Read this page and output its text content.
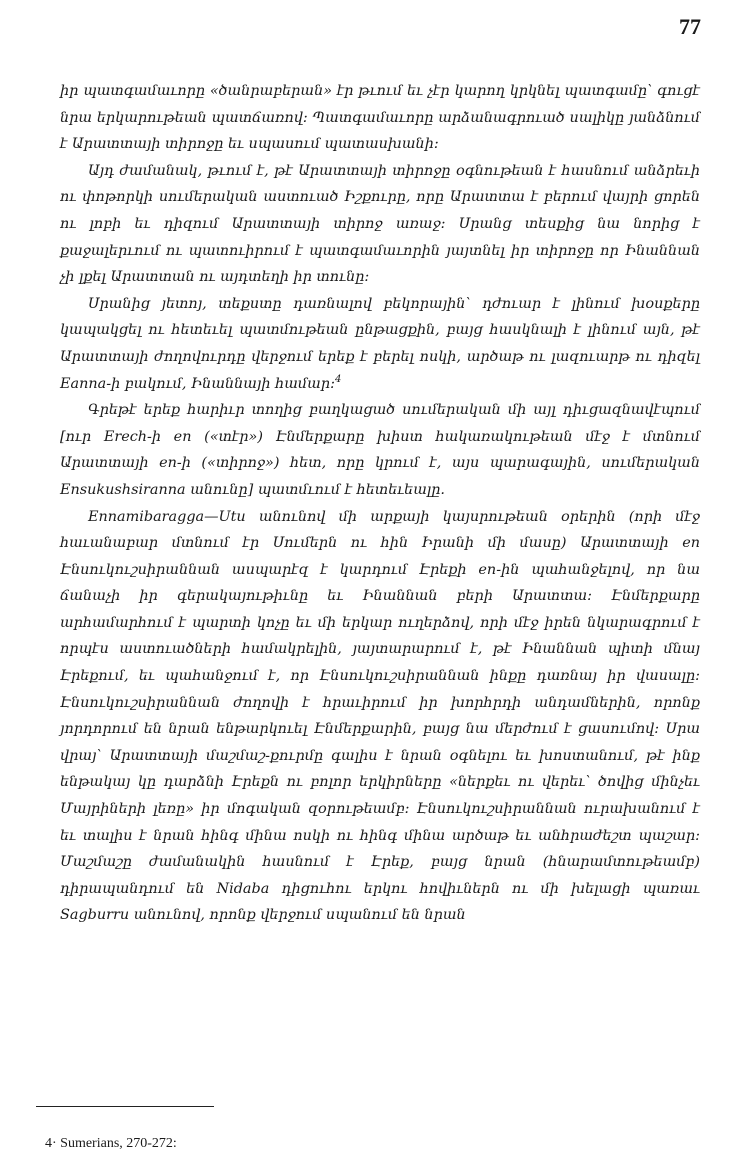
77

իր պատգամաւորը «ծանրաբերան» էր թւում եւ չէր կարող կրկնել պատգամը՝ գուցէ նրա երկարութեան պատճառով: Պատգամաւորը արձանագրուած սալիկը յանձնում է Արատտայի տիրոջը եւ սպասում պատասխանի:

Այդ ժամանակ, թւում է, թէ Արատտայի տիրոջը օգնութեան է հասնում անձրեւի ու փոթորկի սումերական աստուած Իշքուրը, որը Արատտա է բերում վայրի ցորեն ու լոբի եւ դիզում Արատտայի տիրոջ առաջ: Սրանց տեսքից նա նորից է քաջալերւում ու պատուիրում է պատգամաւորին յայտնել իր տիրոջը որ Ինաննան չի լքել Արատտան ու այդտեղի իր տունը:

Սրանից յետոյ, տեքստը դառնալով բեկորային՝ դժուար է լինում խօսքերը կապակցել ու հետեւել պատմութեան ընթացքին, բայց հասկնալի է լինում այն, թէ Արատտայի ժողովուրդը վերջում երեք է բերել ոսկի, արծաթ ու լազուարթ ու դիզել Eanna-ի բակում, Ինաննայի համար:$^4$

Գրեթէ երեք հարիւր տողից բաղկացած սումերական մի այլ դիւցազնավէպում [ուր Erech-ի en («տէր») Էնմերքարը խիստ հակառակութեան մէջ է մտնում Արատտայի en-ի («տիրոջ») հետ, որը կրում է, այս պարագային, սումերական Ensukushsiranna անունը] պատմւում է հետեւեալը.

Ennamibaragga—Utu անունով մի արքայի կայսրութեան օրերին (որի մէջ հաւանաբար մտնում էր Սումերն ու հին Իրանի մի մասը) Արատտայի en Էնսուկուշսիրաննան ասպարէզ է կարդում Էրեքի en-ին պահանջելով, որ նա ճանաչի իր գերակայութիւնը եւ Ինաննան բերի Արատտա: Էնմերքարը արհամարհում է պարտի կոչը եւ մի երկար ուղերձով, որի մէջ իրեն նկարագրում է որպէս աստուածների համակրելին, յայտարարում է, թէ Ինաննան պիտի մնայ Էրեքում, եւ պահանջում է, որ Էնսուկուշսիրաննան ինքը դառնայ իր վասալը: Էնսուկուշսիրաննան ժողովի է հրաւիրում իր խորհրդի անդամներին, որոնք յորդորում են նրան ենթարկուել Էնմերքարին, բայց նա մերժում է ցասումով: Սրա վրայ՝ Արատտայի մաշմաշ-քուրմը գալիս է նրան օգնելու եւ խոստանում, թէ ինք ենթակայ կը դարձնի Էրեքն ու բոլոր երկիրները «ներքեւ ու վերեւ՝ ծովից մինչեւ Մայրիների լեռը» իր մոգական զօրութեամբ: Էնսուկուշսիրաննան ուրախանում է եւ տալիս է նրան հինգ մինա ոսկի ու հինգ մինա արծաթ եւ անհրաժեշտ պաշար: Մաշմաշը ժամանակին հասնում է Էրեք, բայց նրան (հնարամտութեամբ) դիրապանդում են Nidaba դիցուհու երկու հովիւներն ու մի խելացի պառաւ Sagburru անունով, որոնք վերջում սպանում են նրան

4· Sumerians, 270-272:
